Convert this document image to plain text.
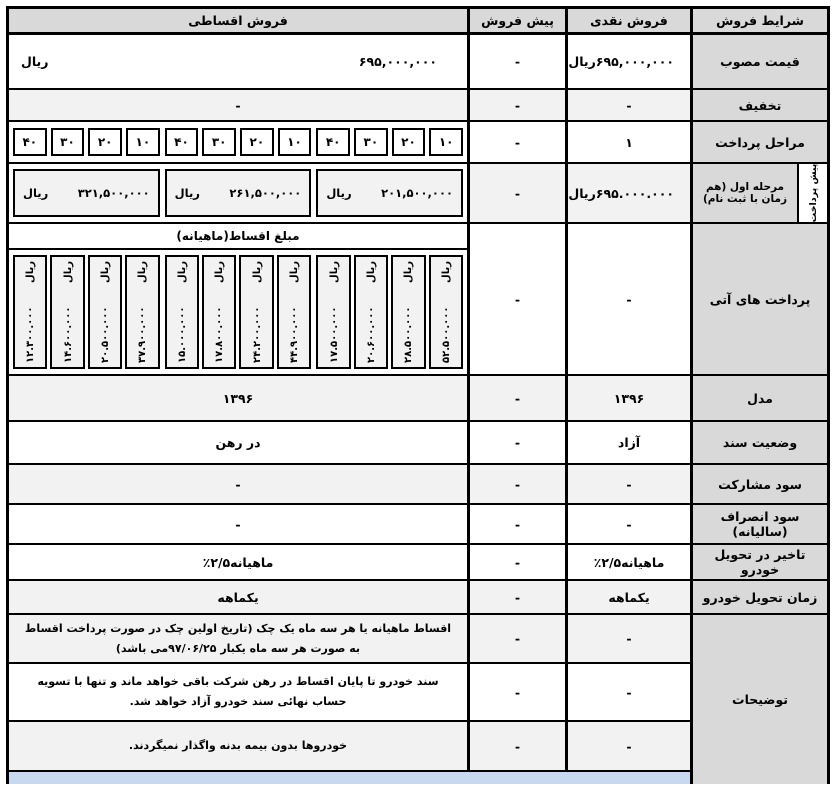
شرایط فروش
فروش نقدی
پیش فروش
فروش اقساطی
قیمت مصوب
۶۹۵,۰۰۰,۰۰۰
ریال
-
۶۹۵,۰۰۰,۰۰۰
ریال
تخفیف
-
-
-
مراحل پرداخت
۱
-
۱۰
۲۰
۳۰
۴۰
۱۰
۲۰
۳۰
۴۰
۱۰
۲۰
۳۰
۴۰
پیش پرداخت
مرحله اول (هم زمان با ثبت نام)
۶۹۵.۰۰۰.۰۰۰
ریال
-
۲۰۱,۵۰۰,۰۰۰
ریال
۲۶۱,۵۰۰,۰۰۰
ریال
۳۲۱,۵۰۰,۰۰۰
ریال
پرداخت های آتی
-
-
مبلغ اقساط(ماهیانه)
۵۲.۵۰۰.۰۰۰
ریال
۲۸.۵۰۰.۰۰۰
ریال
۲۰.۶۰۰.۰۰۰
ریال
۱۷.۵۰۰.۰۰۰
ریال
۴۴.۹۰۰.۰۰۰
ریال
۲۴.۲۰۰.۰۰۰
ریال
۱۷.۸۰۰.۰۰۰
ریال
۱۵.۰۰۰.۰۰۰
ریال
۳۷.۹۰۰.۰۰۰
ریال
۲۰.۵۰۰.۰۰۰
ریال
۱۴.۶۰۰.۰۰۰
ریال
۱۲.۳۰۰.۰۰۰
ریال
مدل
۱۳۹۶
-
۱۳۹۶
وضعیت سند
آزاد
-
در رهن
سود مشارکت
-
-
-
سود انصراف (سالیانه)
-
-
-
تاخیر در تحویل خودرو
٪۲/۵ماهیانه
-
٪۲/۵ماهیانه
زمان تحویل خودرو
یکماهه
-
یکماهه
توضیحات
-
-
اقساط ماهیانه یا هر سه ماه یک چک (تاریخ اولین چک در صورت پرداخت اقساط به صورت هر سه ماه یکبار ۹۷/۰۶/۲۵می باشد)
-
-
سند خودرو تا پایان اقساط در رهن شرکت باقی خواهد ماند و تنها با تسویه حساب نهائی سند خودرو آزاد خواهد شد.
-
-
خودروها بدون بیمه بدنه واگذار نمیگردند.
